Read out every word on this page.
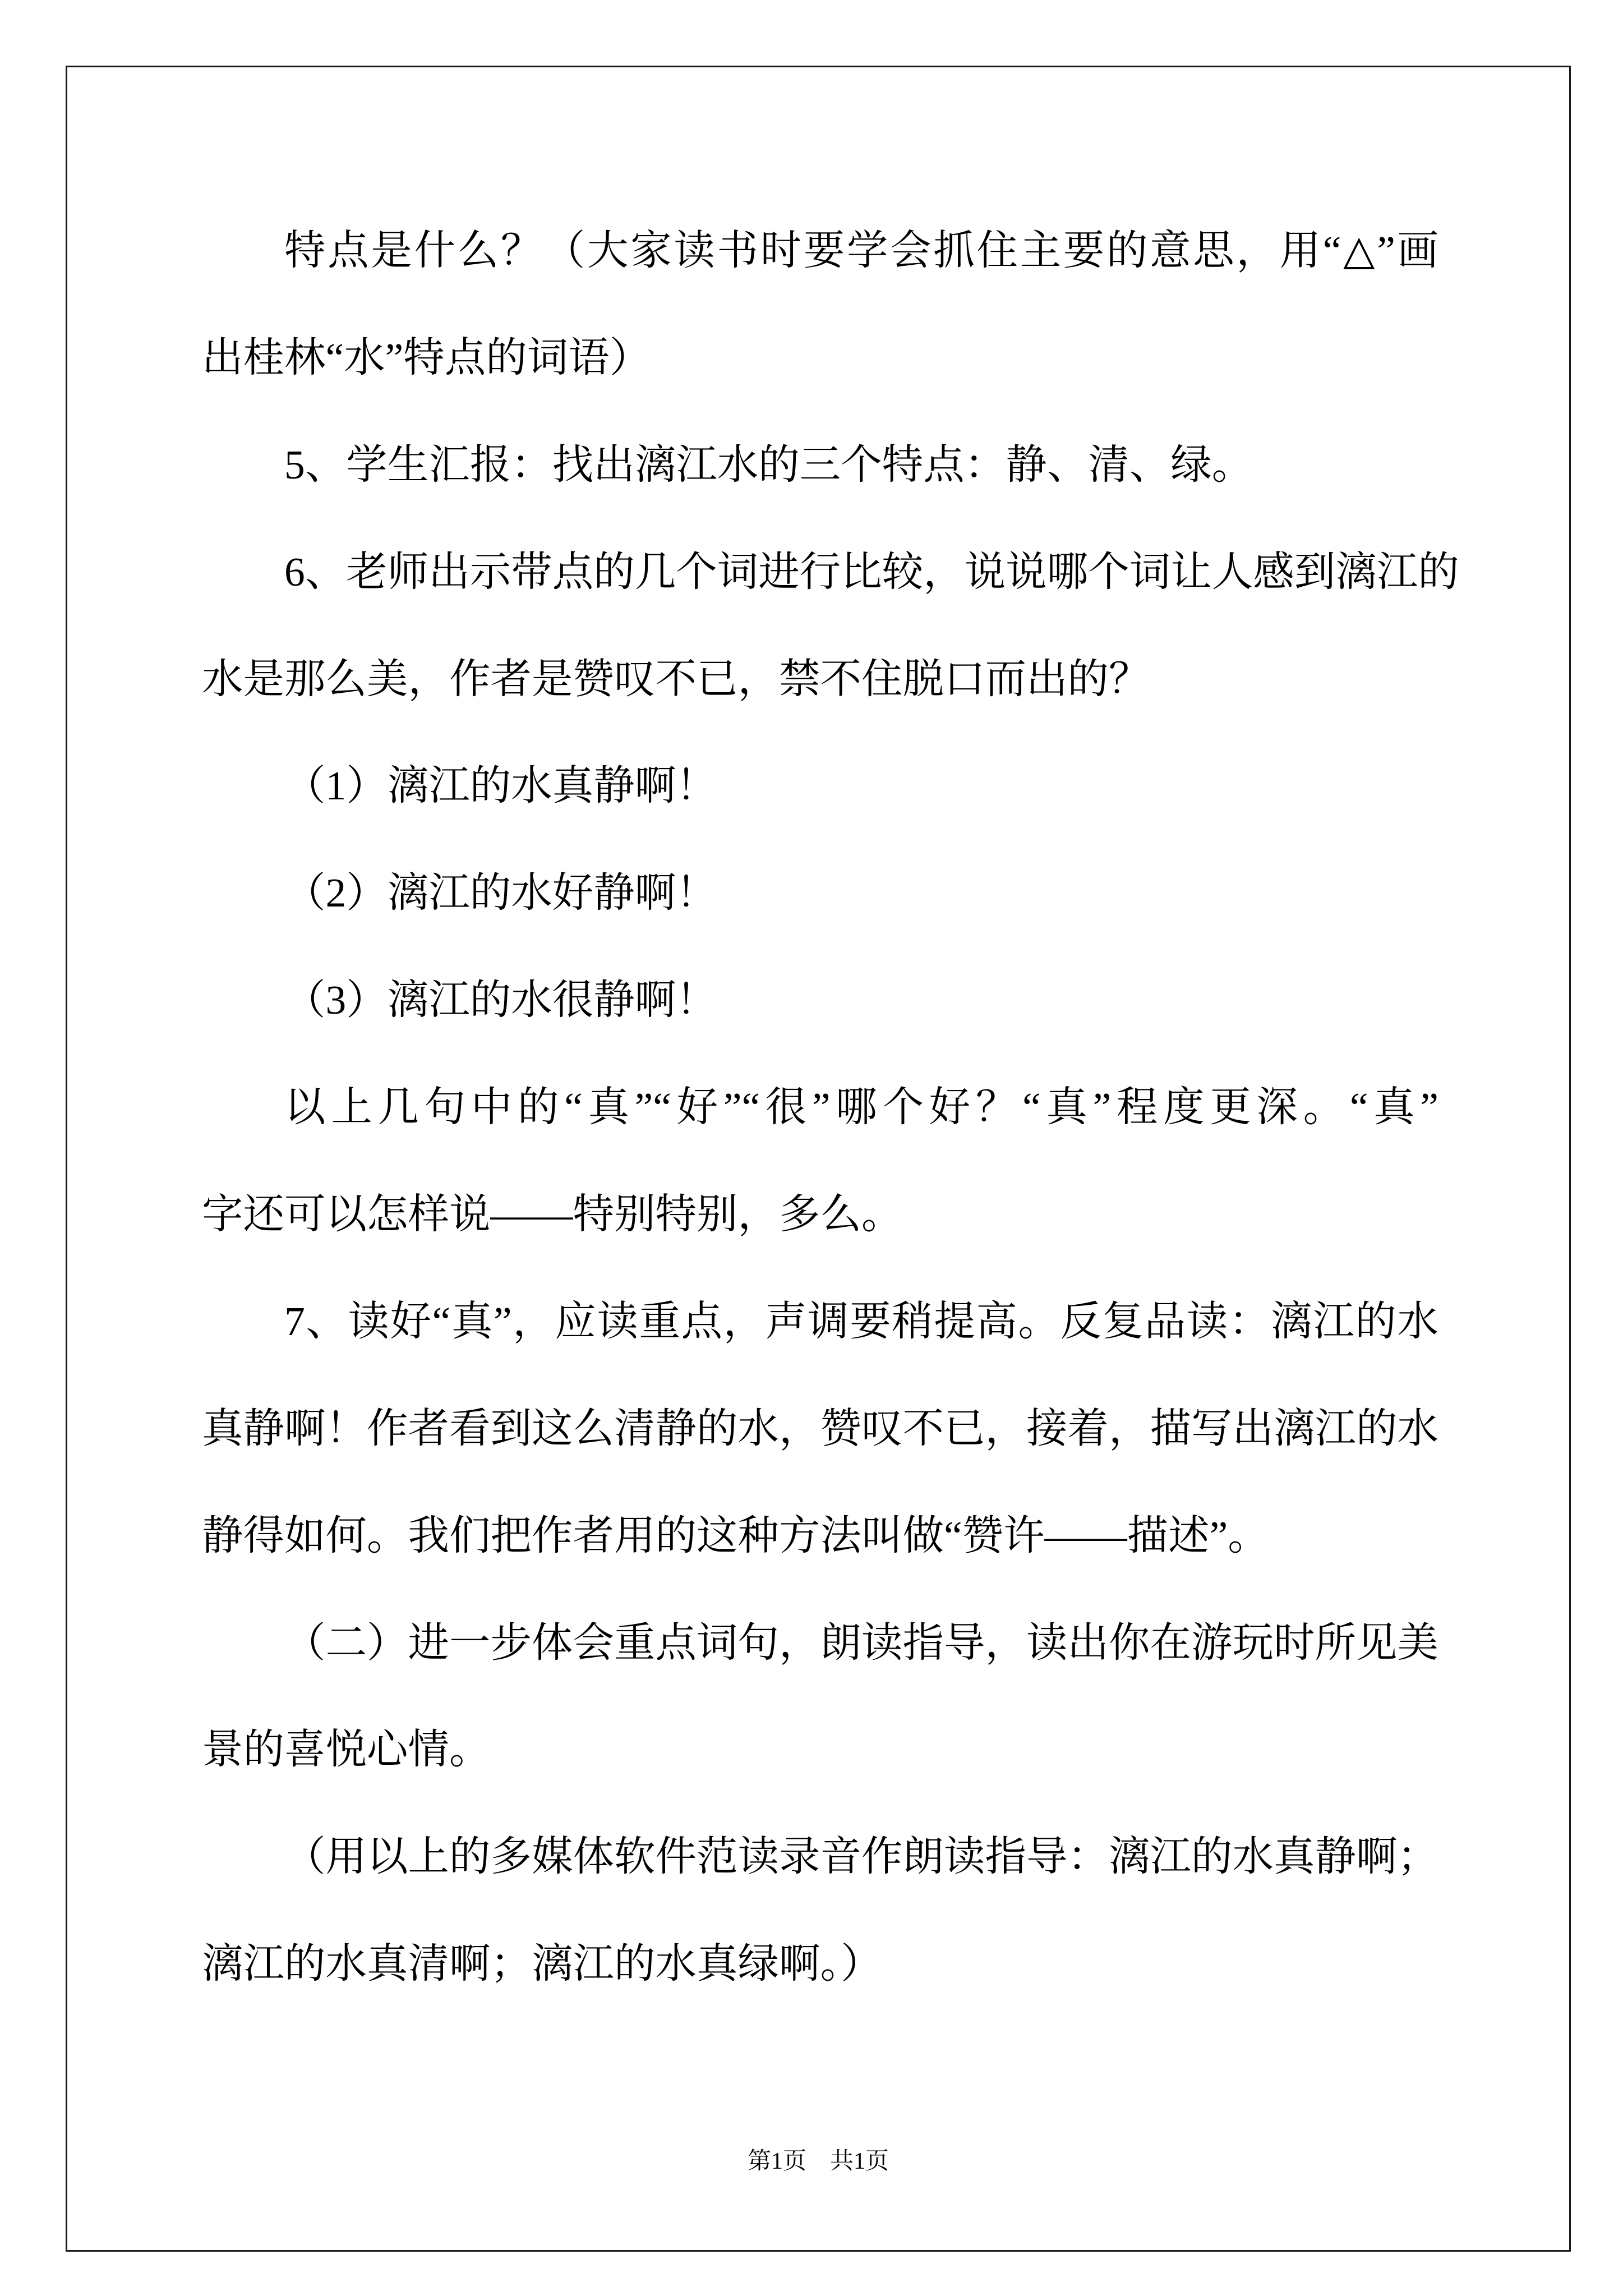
特点是什么？（大家读书时要学会抓住主要的意思，用“△”画
出桂林“水”特点的词语）
5、学生汇报：找出漓江水的三个特点：静、清、绿。
6、老师出示带点的几个词进行比较，说说哪个词让人感到漓江的
水是那么美，作者是赞叹不已，禁不住脱口而出的？
（1）漓江的水真静啊！
（2）漓江的水好静啊！
（3）漓江的水很静啊！
以上几句中的“真”“好”“很”哪个好？“真”程度更深。“真”
字还可以怎样说——特别特别，多么。
7、读好“真”，应读重点，声调要稍提高。反复品读：漓江的水
真静啊！作者看到这么清静的水，赞叹不已，接着，描写出漓江的水
静得如何。我们把作者用的这种方法叫做“赞许——描述”。
（二）进一步体会重点词句，朗读指导，读出你在游玩时所见美
景的喜悦心情。
（用以上的多媒体软件范读录音作朗读指导：漓江的水真静啊；
漓江的水真清啊；漓江的水真绿啊。）
第1页　共1页
